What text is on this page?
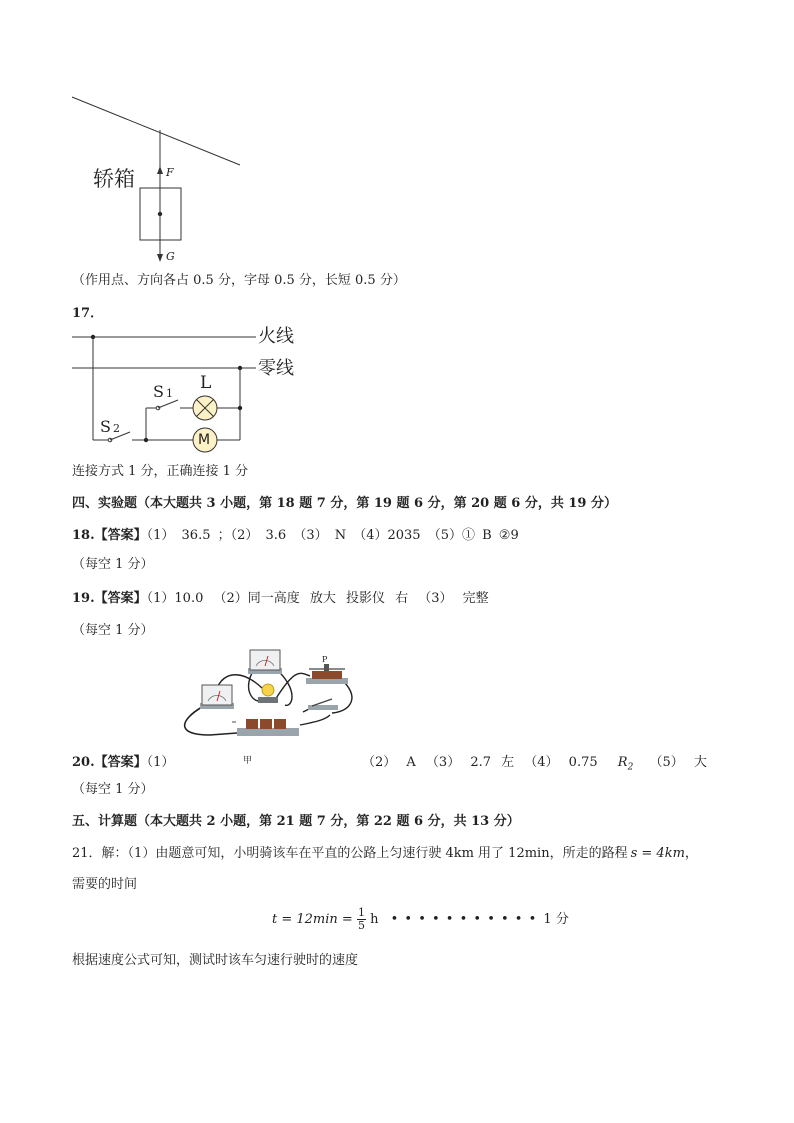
轿箱	F
G
（作用点、方向各占 0.5 分，字母 0.5 分，长短 0.5 分）
17．
火线
零线
S 1
S 2
L
M
连接方式 1 分，正确连接 1 分
四、实验题（本大题共 3 小题，第 18 题 7 分，第 19 题 6 分，第 20 题 6 分，共 19 分）
18.【答案】（1） 36.5 ；（2） 3.6 （3） N （4）2035 （5）① B ②9
（每空 1 分）
19.【答案】（1）10.0 （2）同一高度 放大 投影仪 右 （3） 完整
（每空 1 分）
P
20.【答案】（1）	甲	（2） A （3） 2.7 左 （4） 0.75 $R_2$ （5） 大
（每空 1 分）
五、计算题（本大题共 2 小题，第 21 题 7 分，第 22 题 6 分，共 13 分）
21．解：（1）由题意可知，小明骑该车在平直的公路上匀速行驶 4km 用了 12min，所走的路程 s = 4km，
需要的时间
$t = 12\min = \frac{1}{5}$ h • • • • • • • • • • • 1 分
根据速度公式可知，测试时该车匀速行驶时的速度
